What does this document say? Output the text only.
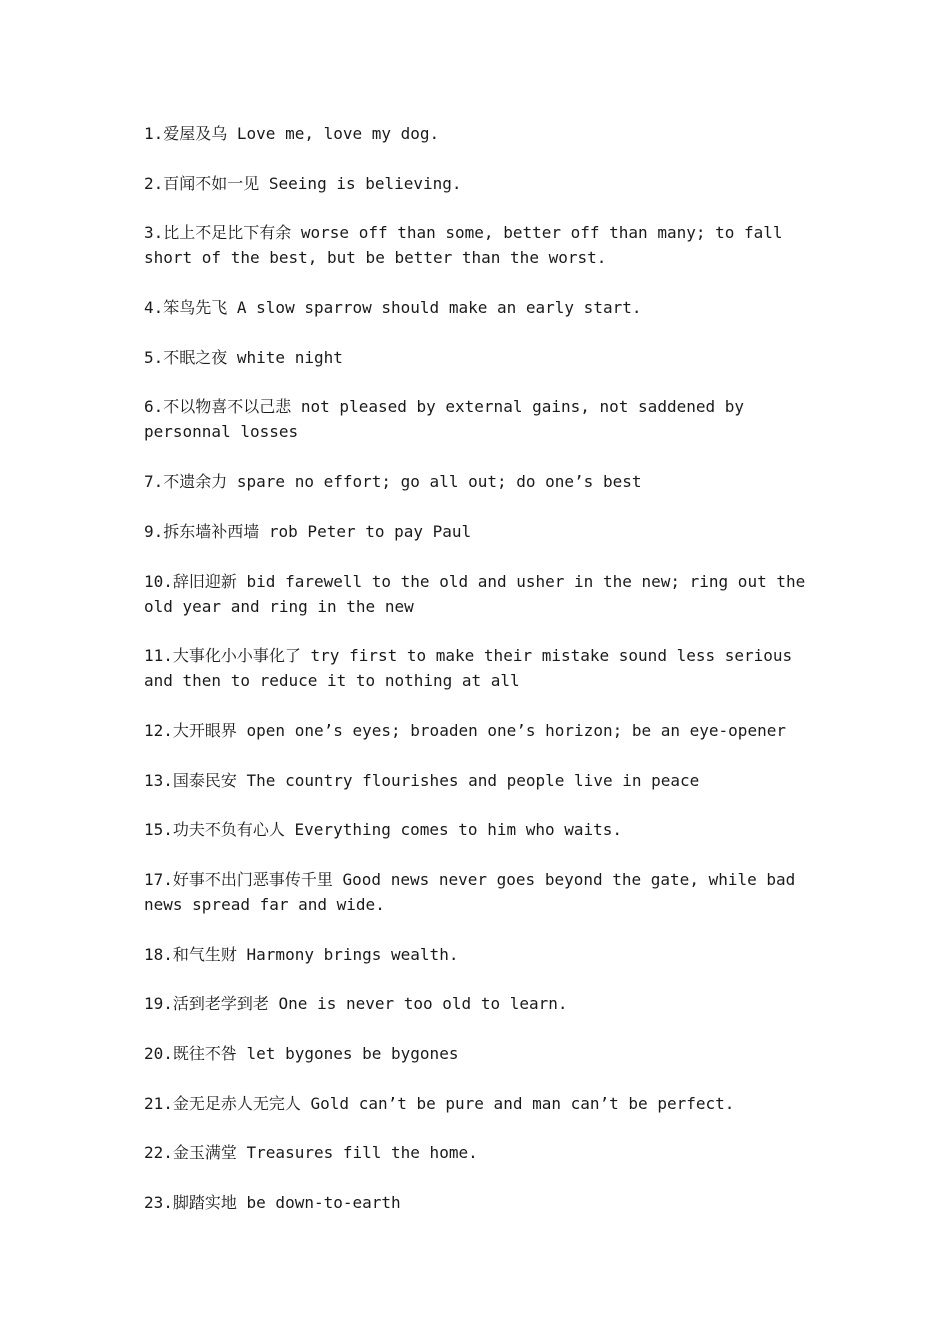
1.爱屋及乌 Love me, love my dog.

2.百闻不如一见 Seeing is believing.

3.比上不足比下有余 worse off than some, better off than many; to fall short of the best, but be better than the worst.

4.笨鸟先飞 A slow sparrow should make an early start.

5.不眠之夜 white night

6.不以物喜不以己悲 not pleased by external gains, not saddened by personnal losses

7.不遗余力 spare no effort; go all out; do one’s best

9.拆东墙补西墙 rob Peter to pay Paul

10.辞旧迎新 bid farewell to the old and usher in the new; ring out the old year and ring in the new

11.大事化小小事化了 try first to make their mistake sound less serious and then to reduce it to nothing at all

12.大开眼界 open one’s eyes; broaden one’s horizon; be an eye-opener

13.国泰民安 The country flourishes and people live in peace

15.功夫不负有心人 Everything comes to him who waits.

17.好事不出门恶事传千里 Good news never goes beyond the gate, while bad news spread far and wide.

18.和气生财 Harmony brings wealth.

19.活到老学到老 One is never too old to learn.

20.既往不咎 let bygones be bygones

21.金无足赤人无完人 Gold can’t be pure and man can’t be perfect.

22.金玉满堂 Treasures fill the home.

23.脚踏实地 be down-to-earth
